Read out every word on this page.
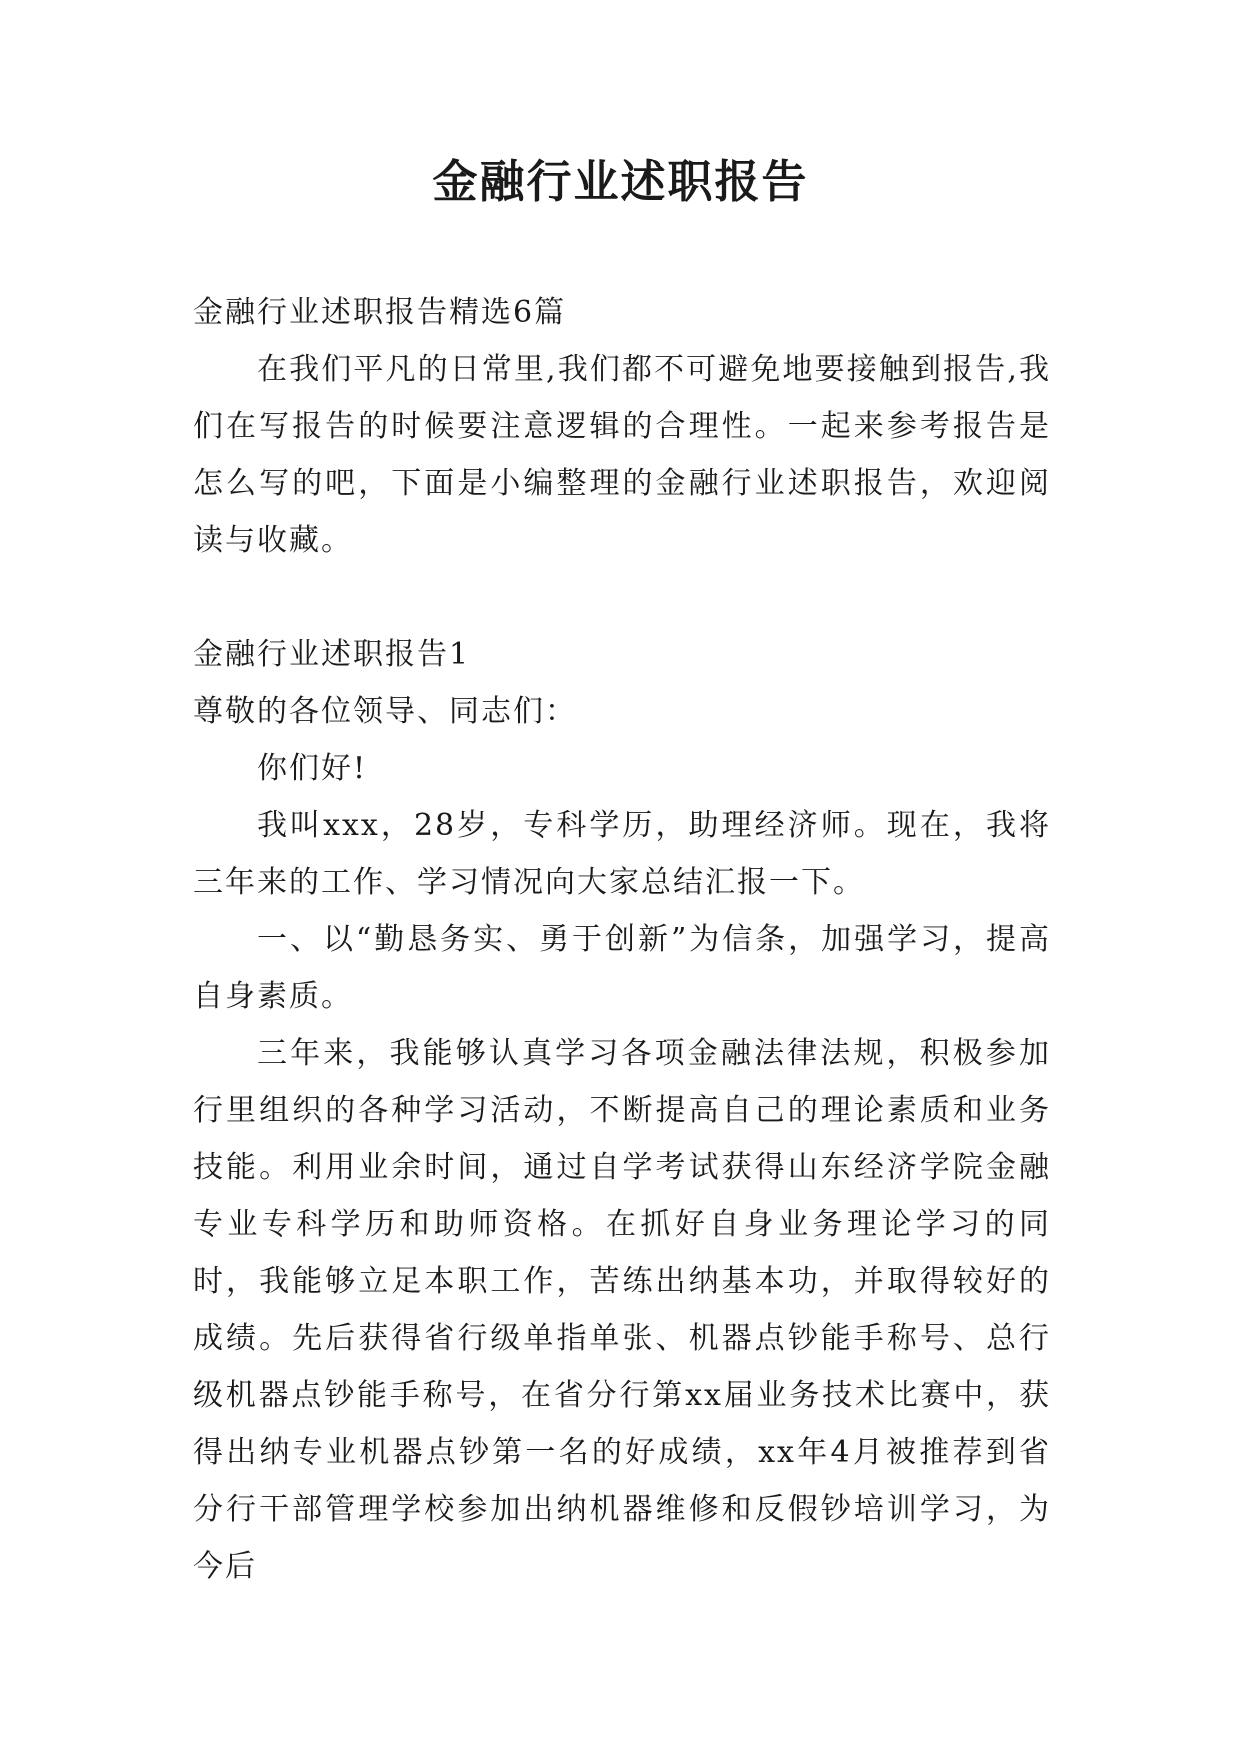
金融行业述职报告

金融行业述职报告精选6篇

在我们平凡的日常里,我们都不可避免地要接触到报告,我们在写报告的时候要注意逻辑的合理性。一起来参考报告是怎么写的吧，下面是小编整理的金融行业述职报告，欢迎阅读与收藏。

金融行业述职报告1

尊敬的各位领导、同志们：

你们好!

我叫xxx，28岁，专科学历，助理经济师。现在，我将三年来的工作、学习情况向大家总结汇报一下。

一、以“勤恳务实、勇于创新”为信条，加强学习，提高自身素质。

三年来，我能够认真学习各项金融法律法规，积极参加行里组织的各种学习活动，不断提高自己的理论素质和业务技能。利用业余时间，通过自学考试获得山东经济学院金融专业专科学历和助师资格。在抓好自身业务理论学习的同时，我能够立足本职工作，苦练出纳基本功，并取得较好的成绩。先后获得省行级单指单张、机器点钞能手称号、总行级机器点钞能手称号，在省分行第xx届业务技术比赛中，获得出纳专业机器点钞第一名的好成绩，xx年4月被推荐到省分行干部管理学校参加出纳机器维修和反假钞培训学习，为今后
